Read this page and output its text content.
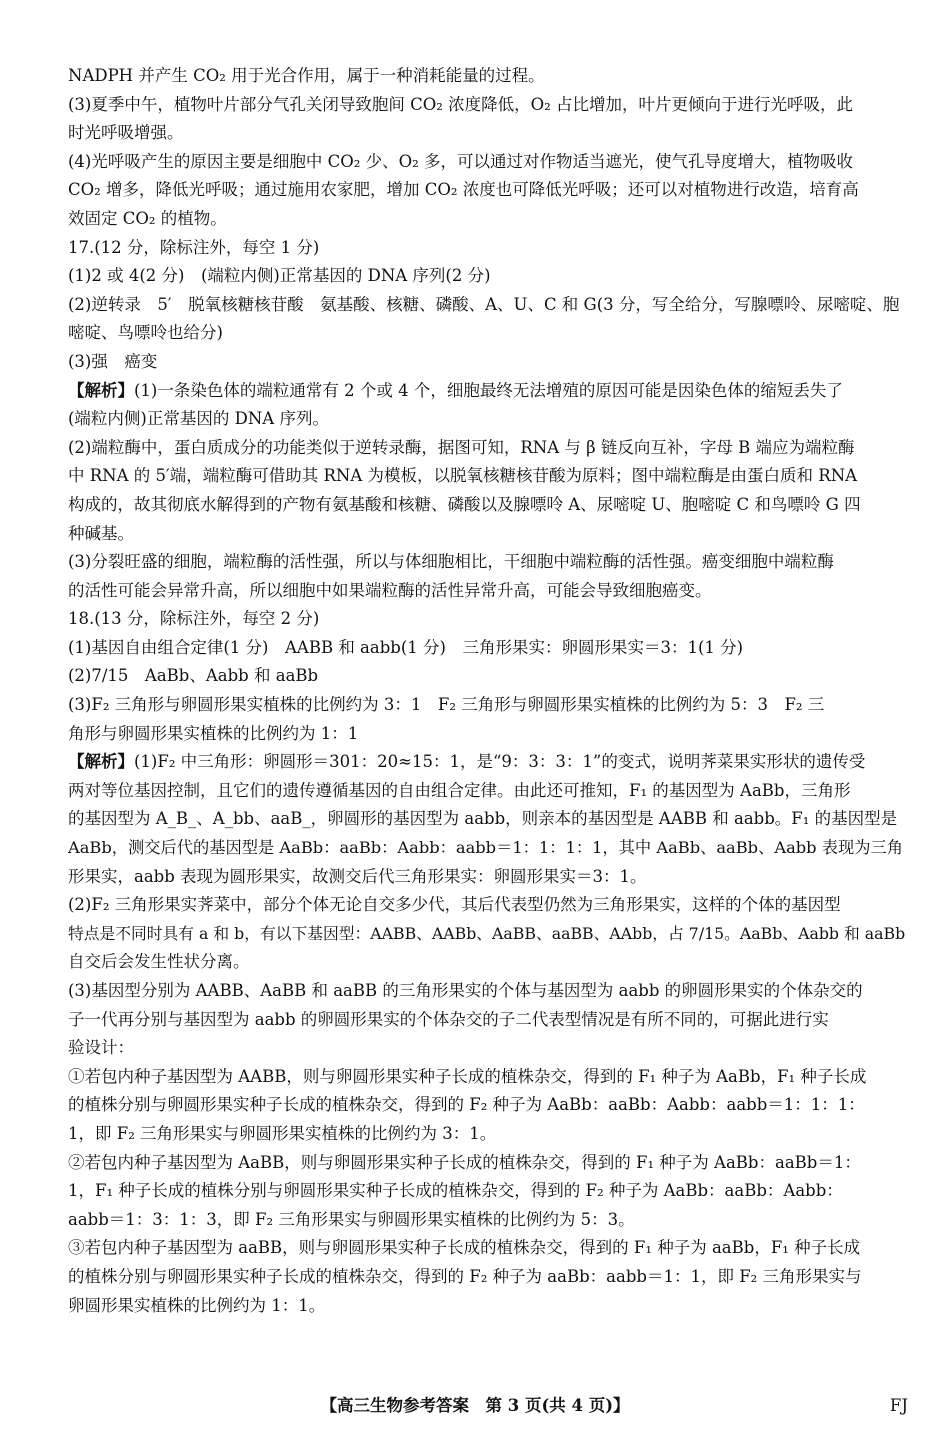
NADPH 并产生 CO₂ 用于光合作用，属于一种消耗能量的过程。
(3)夏季中午，植物叶片部分气孔关闭导致胞间 CO₂ 浓度降低，O₂ 占比增加，叶片更倾向于进行光呼吸，此
时光呼吸增强。
(4)光呼吸产生的原因主要是细胞中 CO₂ 少、O₂ 多，可以通过对作物适当遮光，使气孔导度增大，植物吸收
CO₂ 增多，降低光呼吸；通过施用农家肥，增加 CO₂ 浓度也可降低光呼吸；还可以对植物进行改造，培育高
效固定 CO₂ 的植物。
17.(12 分，除标注外，每空 1 分)
(1)2 或 4(2 分)　(端粒内侧)正常基因的 DNA 序列(2 分)
(2)逆转录　5′　脱氧核糖核苷酸　氨基酸、核糖、磷酸、A、U、C 和 G(3 分，写全给分，写腺嘌呤、尿嘧啶、胞
嘧啶、鸟嘌呤也给分)
(3)强　癌变
【解析】(1)一条染色体的端粒通常有 2 个或 4 个，细胞最终无法增殖的原因可能是因染色体的缩短丢失了
(端粒内侧)正常基因的 DNA 序列。
(2)端粒酶中，蛋白质成分的功能类似于逆转录酶，据图可知，RNA 与 β 链反向互补，字母 B 端应为端粒酶
中 RNA 的 5′端，端粒酶可借助其 RNA 为模板，以脱氧核糖核苷酸为原料；图中端粒酶是由蛋白质和 RNA
构成的，故其彻底水解得到的产物有氨基酸和核糖、磷酸以及腺嘌呤 A、尿嘧啶 U、胞嘧啶 C 和鸟嘌呤 G 四
种碱基。
(3)分裂旺盛的细胞，端粒酶的活性强，所以与体细胞相比，干细胞中端粒酶的活性强。癌变细胞中端粒酶
的活性可能会异常升高，所以细胞中如果端粒酶的活性异常升高，可能会导致细胞癌变。
18.(13 分，除标注外，每空 2 分)
(1)基因自由组合定律(1 分)　AABB 和 aabb(1 分)　三角形果实：卵圆形果实＝3：1(1 分)
(2)7/15　AaBb、Aabb 和 aaBb
(3)F₂ 三角形与卵圆形果实植株的比例约为 3：1　F₂ 三角形与卵圆形果实植株的比例约为 5：3　F₂ 三
角形与卵圆形果实植株的比例约为 1：1
【解析】(1)F₂ 中三角形：卵圆形＝301：20≈15：1，是“9：3：3：1”的变式，说明荠菜果实形状的遗传受
两对等位基因控制，且它们的遗传遵循基因的自由组合定律。由此还可推知，F₁ 的基因型为 AaBb，三角形
的基因型为 A_B_、A_bb、aaB_，卵圆形的基因型为 aabb，则亲本的基因型是 AABB 和 aabb。F₁ 的基因型是
AaBb，测交后代的基因型是 AaBb：aaBb：Aabb：aabb＝1：1：1：1，其中 AaBb、aaBb、Aabb 表现为三角
形果实，aabb 表现为圆形果实，故测交后代三角形果实：卵圆形果实＝3：1。
(2)F₂ 三角形果实荠菜中，部分个体无论自交多少代，其后代表型仍然为三角形果实，这样的个体的基因型
特点是不同时具有 a 和 b，有以下基因型：AABB、AABb、AaBB、aaBB、AAbb，占 7/15。AaBb、Aabb 和 aaBb
自交后会发生性状分离。
(3)基因型分别为 AABB、AaBB 和 aaBB 的三角形果实的个体与基因型为 aabb 的卵圆形果实的个体杂交的
子一代再分别与基因型为 aabb 的卵圆形果实的个体杂交的子二代表型情况是有所不同的，可据此进行实
验设计：
①若包内种子基因型为 AABB，则与卵圆形果实种子长成的植株杂交，得到的 F₁ 种子为 AaBb，F₁ 种子长成
的植株分别与卵圆形果实种子长成的植株杂交，得到的 F₂ 种子为 AaBb：aaBb：Aabb：aabb＝1：1：1：
1，即 F₂ 三角形果实与卵圆形果实植株的比例约为 3：1。
②若包内种子基因型为 AaBB，则与卵圆形果实种子长成的植株杂交，得到的 F₁ 种子为 AaBb：aaBb＝1：
1，F₁ 种子长成的植株分别与卵圆形果实种子长成的植株杂交，得到的 F₂ 种子为 AaBb：aaBb：Aabb：
aabb＝1：3：1：3，即 F₂ 三角形果实与卵圆形果实植株的比例约为 5：3。
③若包内种子基因型为 aaBB，则与卵圆形果实种子长成的植株杂交，得到的 F₁ 种子为 aaBb，F₁ 种子长成
的植株分别与卵圆形果实种子长成的植株杂交，得到的 F₂ 种子为 aaBb：aabb＝1：1，即 F₂ 三角形果实与
卵圆形果实植株的比例约为 1：1。
【高三生物参考答案　第 3 页(共 4 页)】	FJ
